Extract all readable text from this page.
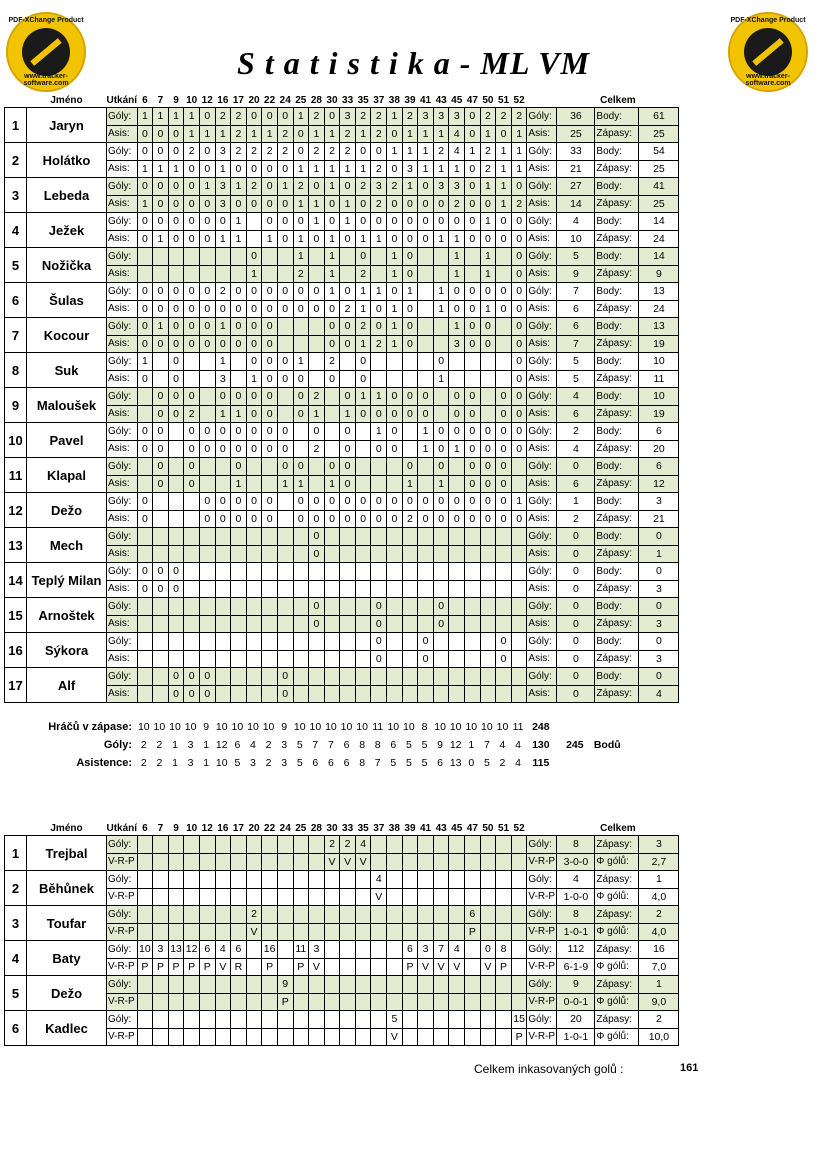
PDF-XChange Product
www.tracker-software.com
PDF-XChange Product
www.tracker-software.com
S t a t i s t i k a - ML VM
	Jméno	Utkání	6	7	9	10	12	16	17	20	22	24	25	28	30	33	35	37	38	39	41	43	45	47	50	51	52		Celkem		
1	Jaryn	Góly:	1	1	1	1	0	2	2	0	0	0	1	2	0	3	2	2	1	2	3	3	3	0	2	2	2	Góly:	36	Body:	61
		Asis:	0	0	0	1	1	1	2	1	1	2	0	1	1	2	1	2	0	1	1	1	4	0	1	0	1	Asis:	25	Zápasy:	25
2	Holátko	Góly:	0	0	0	2	0	3	2	2	2	2	0	2	2	2	0	0	1	1	1	2	4	1	2	1	1	Góly:	33	Body:	54
		Asis:	1	1	1	0	0	1	0	0	0	0	1	1	1	1	1	2	0	3	1	1	1	0	2	1	1	Asis:	21	Zápasy:	25
3	Lebeda	Góly:	0	0	0	0	1	3	1	2	0	1	2	0	1	0	2	3	2	1	0	3	3	0	1	1	0	Góly:	27	Body:	41
		Asis:	1	0	0	0	0	3	0	0	0	0	1	1	0	1	0	2	0	0	0	0	2	0	0	1	2	Asis:	14	Zápasy:	25
4	Ježek	Góly:	0	0	0	0	0	0	1		0	0	0	1	0	1	0	0	0	0	0	0	0	0	1	0	0	Góly:	4	Body:	14
		Asis:	0	1	0	0	0	1	1		1	0	1	0	1	0	1	1	0	0	0	1	1	0	0	0	0	Asis:	10	Zápasy:	24
5	Nožička	Góly:								0			1		1		0		1	0			1		1		0	Góly:	5	Body:	14
		Asis:								1			2		1		2		1	0			1		1		0	Asis:	9	Zápasy:	9
6	Šulas	Góly:	0	0	0	0	0	2	0	0	0	0	0	0	1	0	1	1	0	1		1	0	0	0	0	0	Góly:	7	Body:	13
		Asis:	0	0	0	0	0	0	0	0	0	0	0	0	0	2	1	0	1	0		1	0	0	1	0	0	Asis:	6	Zápasy:	24
7	Kocour	Góly:	0	1	0	0	0	1	0	0	0				0	0	2	0	1	0			1	0	0		0	Góly:	6	Body:	13
		Asis:	0	0	0	0	0	0	0	0	0				0	0	1	2	1	0			3	0	0		0	Asis:	7	Zápasy:	19
8	Suk	Góly:	1		0			1		0	0	0	1		2		0					0					0	Góly:	5	Body:	10
		Asis:	0		0			3		1	0	0	0		0		0					1					0	Asis:	5	Zápasy:	11
9	Maloušek	Góly:		0	0	0		0	0	0	0		0	2		0	1	1	0	0	0		0	0		0	0	Góly:	4	Body:	10
		Asis:		0	0	2		1	1	0	0		0	1		1	0	0	0	0	0		0	0		0	0	Asis:	6	Zápasy:	19
10	Pavel	Góly:	0	0		0	0	0	0	0	0	0		0		0		1	0		1	0	0	0	0	0	0	Góly:	2	Body:	6
		Asis:	0	0		0	0	0	0	0	0	0		2		0		0	0		1	0	1	0	0	0	0	Asis:	4	Zápasy:	20
11	Klapal	Góly:		0		0			0			0	0		0	0				0		0		0	0	0		Góly:	0	Body:	6
		Asis:		0		0			1			1	1		1	0				1		1		0	0	0		Asis:	6	Zápasy:	12
12	Dežo	Góly:	0				0	0	0	0	0		0	0	0	0	0	0	0	0	0	0	0	0	0	0	1	Góly:	1	Body:	3
		Asis:	0				0	0	0	0	0		0	0	0	0	0	0	0	2	0	0	0	0	0	0	0	Asis:	2	Zápasy:	21
13	Mech	Góly:												0														Góly:	0	Body:	0
		Asis:												0														Asis:	0	Zápasy:	1
14	Teplý Milan	Góly:	0	0	0																							Góly:	0	Body:	0
		Asis:	0	0	0																							Asis:	0	Zápasy:	3
15	Arnoštek	Góly:												0				0				0						Góly:	0	Body:	0
		Asis:												0				0				0						Asis:	0	Zápasy:	3
16	Sýkora	Góly:																0			0					0		Góly:	0	Body:	0
		Asis:																0			0					0		Asis:	0	Zápasy:	3
17	Alf	Góly:			0	0	0					0																Góly:	0	Body:	0
		Asis:			0	0	0					0																Asis:	0	Zápasy:	4
Hráčů v zápase:	10	10	10	10	9	10	10	10	10	9	10	10	10	10	10	11	10	10	8	10	10	10	10	10	11	248			
Góly:	2	2	1	3	1	12	6	4	2	3	5	7	7	6	8	8	6	5	5	9	12	1	7	4	4	130	245	Bodů	
Asistence:	2	2	1	3	1	10	5	3	2	3	5	6	6	6	8	7	5	5	5	6	13	0	5	2	4	115			
	Jméno	Utkání	6	7	9	10	12	16	17	20	22	24	25	28	30	33	35	37	38	39	41	43	45	47	50	51	52		Celkem		
1	Trejbal	Góly:													2	2	4											Góly:	8	Zápasy:	3
		V-R-P													V	V	V											V-R-P	3-0-0	Φ gólů:	2,7
2	Běhůnek	Góly:																4										Góly:	4	Zápasy:	1
		V-R-P																V										V-R-P	1-0-0	Φ gólů:	4,0
3	Toufar	Góly:								2														6				Góly:	8	Zápasy:	2
		V-R-P								V														P				V-R-P	1-0-1	Φ gólů:	4,0
4	Baty	Góly:	10	3	13	12	6	4	6		16		11	3						6	3	7	4		0	8		Góly:	112	Zápasy:	16
		V-R-P	P	P	P	P	P	V	R		P		P	V						P	V	V	V		V	P		V-R-P	6-1-9	Φ gólů:	7,0
5	Dežo	Góly:										9																Góly:	9	Zápasy:	1
		V-R-P										P																V-R-P	0-0-1	Φ gólů:	9,0
6	Kadlec	Góly:																	5								15	Góly:	20	Zápasy:	2
		V-R-P																	V								P	V-R-P	1-0-1	Φ gólů:	10,0
Celkem inkasovaných golů :	161
